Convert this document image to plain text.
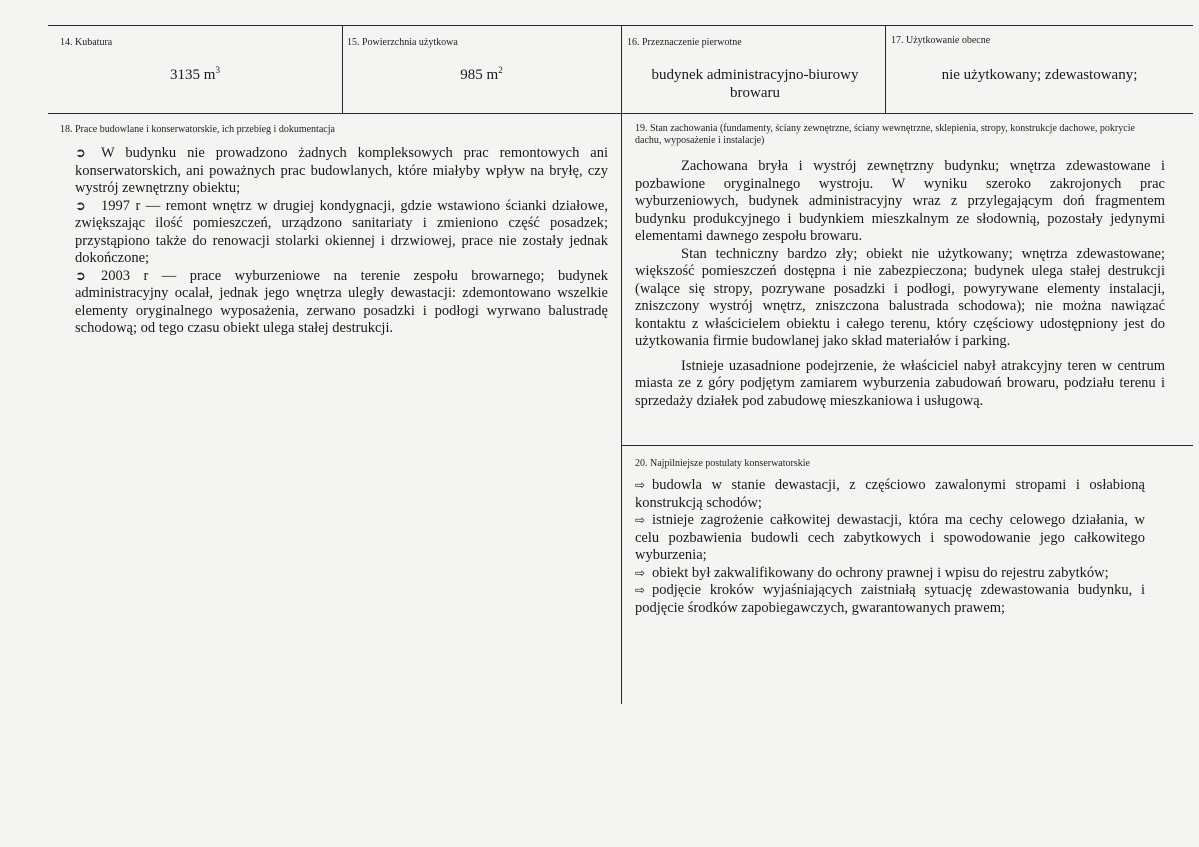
14. Kubatura
3135 $m^3$
15. Powierzchnia użytkowa
985 $m^2$
16. Przeznaczenie pierwotne
budynek administracyjno-biurowy browaru
17. Użytkowanie obecne
nie użytkowany; zdewastowany;
18. Prace budowlane i konserwatorskie, ich przebieg i dokumentacja

➲ W budynku nie prowadzono żadnych kompleksowych prac remontowych ani konserwatorskich, ani poważnych prac budowlanych, które miałyby wpływ na bryłę, czy wystrój zewnętrzny obiektu;

➲ 1997 r — remont wnętrz w drugiej kondygnacji, gdzie wstawiono ścianki działowe, zwiększając ilość pomieszczeń, urządzono sanitariaty i zmieniono część posadzek; przystąpiono także do renowacji stolarki okiennej i drzwiowej, prace nie zostały jednak dokończone;

➲ 2003 r — prace wyburzeniowe na terenie zespołu browarnego; budynek administracyjny ocalał, jednak jego wnętrza uległy dewastacji: zdemontowano wszelkie elementy oryginalnego wyposażenia, zerwano posadzki i podłogi wyrwano balustradę schodową; od tego czasu obiekt ulega stałej destrukcji.

19. Stan zachowania (fundamenty, ściany zewnętrzne, ściany wewnętrzne, sklepienia, stropy, konstrukcje dachowe, pokrycie dachu, wyposażenie i instalacje)

Zachowana bryła i wystrój zewnętrzny budynku; wnętrza zdewastowane i pozbawione oryginalnego wystroju. W wyniku szeroko zakrojonych prac wyburzeniowych, budynek administracyjny wraz z przylegającym doń fragmentem budynku produkcyjnego i budynkiem mieszkalnym ze słodownią, pozostały jedynymi elementami dawnego zespołu browaru.

Stan techniczny bardzo zły; obiekt nie użytkowany; wnętrza zdewastowane; większość pomieszczeń dostępna i nie zabezpieczona; budynek ulega stałej destrukcji (walące się stropy, pozrywane posadzki i podłogi, powyrywane elementy instalacji, zniszczony wystrój wnętrz, zniszczona balustrada schodowa); nie można nawiązać kontaktu z właścicielem obiektu i całego terenu, który częściowy udostępniony jest do użytkowania firmie budowlanej jako skład materiałów i parking.

Istnieje uzasadnione podejrzenie, że właściciel nabył atrakcyjny teren w centrum miasta ze z góry podjętym zamiarem wyburzenia zabudowań browaru, podziału terenu i sprzedaży działek pod zabudowę mieszkaniowa i usługową.

20. Najpilniejsze postulaty konserwatorskie

⇨ budowla w stanie dewastacji, z częściowo zawalonymi stropami i osłabioną konstrukcją schodów;

⇨ istnieje zagrożenie całkowitej dewastacji, która ma cechy celowego działania, w celu pozbawienia budowli cech zabytkowych i spowodowanie jego całkowitego wyburzenia;

⇨ obiekt był zakwalifikowany do ochrony prawnej i wpisu do rejestru zabytków;

⇨ podjęcie kroków wyjaśniających zaistniałą sytuację zdewastowania budynku, i podjęcie środków zapobiegawczych, gwarantowanych prawem;
